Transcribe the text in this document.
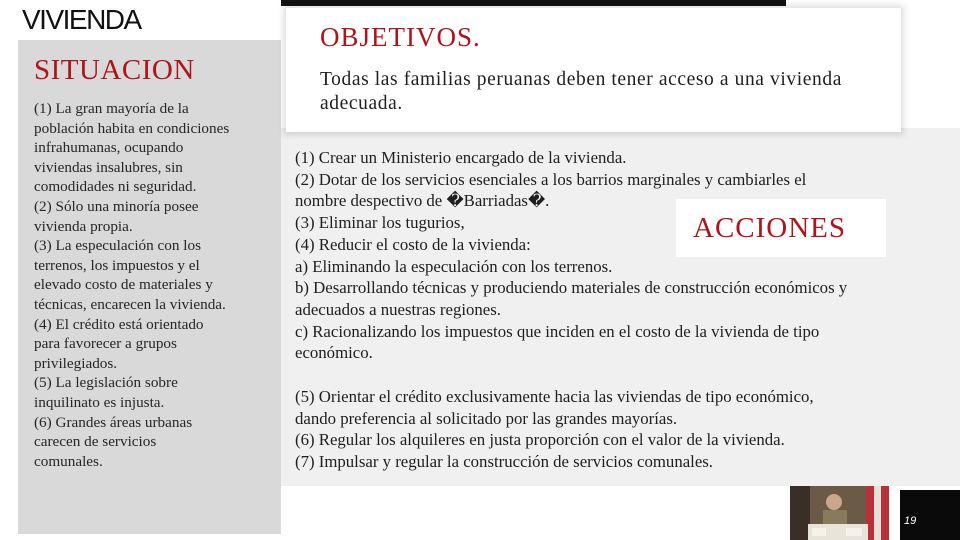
VIVIENDA
SITUACION
(1) La gran mayoría de la
población habita en condiciones
infrahumanas, ocupando
viviendas insalubres, sin
comodidades ni seguridad.
(2) Sólo una minoría posee
vivienda propia.
(3) La especulación con los
terrenos, los impuestos y el
elevado costo de materiales y
técnicas, encarecen la vivienda.
(4) El crédito está orientado
para favorecer a grupos
privilegiados.
(5) La legislación sobre
inquilinato es injusta.
(6) Grandes áreas urbanas
carecen de servicios
comunales.
OBJETIVOS.
Todas las familias peruanas deben tener acceso a una vivienda adecuada.
(1) Crear un Ministerio encargado de la vivienda.
(2) Dotar de los servicios esenciales a los barrios marginales y cambiarles el
nombre despectivo de �Barriadas�.
(3) Eliminar los tugurios,
(4) Reducir el costo de la vivienda:
a) Eliminando la especulación con los terrenos.
b) Desarrollando técnicas y produciendo materiales de construcción económicos y
adecuados a nuestras regiones.
c) Racionalizando los impuestos que inciden en el costo de la vivienda de tipo
económico.
(5) Orientar el crédito exclusivamente hacia las viviendas de tipo económico,
dando preferencia al solicitado por las grandes mayorías.
(6) Regular los alquileres en justa proporción con el valor de la vivienda.
(7) Impulsar y regular la construcción de servicios comunales.
ACCIONES
19
